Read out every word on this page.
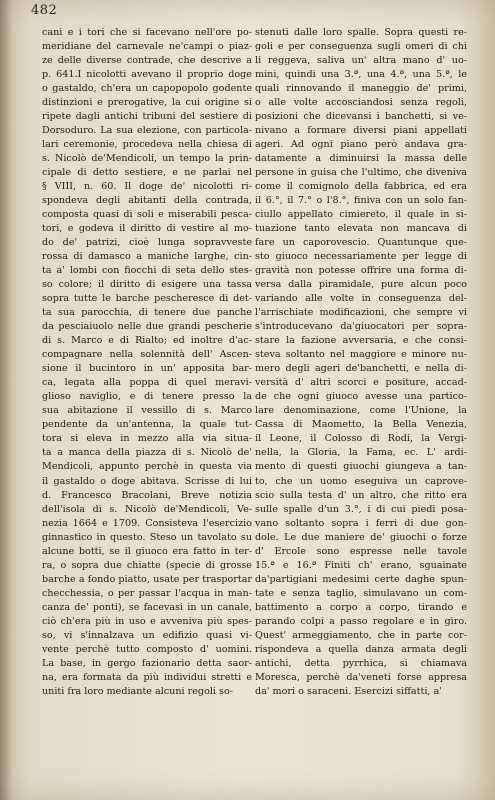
482
cani e i tori che si facevano nell'ore po-
meridiane del carnevale ne'campi o piaz-
ze delle diverse contrade, che descrive a
p. 641.I nicolotti avevano il proprio doge
o gastaldo, ch'era un capopopolo godente
distinzioni e prerogative, la cui origine si
ripete dagli antichi tribuni del sestiere di
Dorsoduro. La sua elezione, con particola-
lari ceremonie, procedeva nella chiesa di
s. Nicolò de'Mendicoli, un tempo la prin-
cipale di detto sestiere, e ne parlai nel
§ VIII, n. 60. Il doge de' nicolotti ri-
spondeva degli abitanti della contrada,
composta quasi di soli e miserabili pesca-
tori, e godeva il diritto di vestire al mo-
do de' patrizi, cioè lunga sopravveste
rossa di damasco a maniche larghe, cin-
ta a' lombi con fiocchi di seta dello stes-
so colore; il diritto di esigere una tassa
sopra tutte le barche pescheresce di det-
ta sua parocchia, di tenere due panche
da pesciaiuolo nelle due grandi pescherie
di s. Marco e di Rialto; ed inoltre d'ac-
compagnare nella solennità dell' Ascen-
sione il bucintoro in un' apposita bar-
ca, legata alla poppa di quel meravi-
glioso naviglio, e di tenere presso la
sua abitazione il vessillo di s. Marco
pendente da un'antenna, la quale tut-
tora si eleva in mezzo alla via situa-
ta a manca della piazza di s. Nicolò de'
Mendicoli, appunto perchè in questa via
il gastaldo o doge abitava. Scrisse di lui
d. Francesco Bracolani, Breve notizia
dell'isola di s. Nicolò de'Mendicoli, Ve-
nezia 1664 e 1709. Consisteva l'esercizio
ginnastico in questo. Steso un tavolato su
alcune botti, se il giuoco era fatto in ter-
ra, o sopra due chiatte (specie di grosse
barche a fondo piatto, usate per trasportar
checchessia, o per passar l'acqua in man-
canza de' ponti), se facevasi in un canale,
ciò ch'era più in uso e avveniva più spes-
so, vi s'innalzava un edifizio quasi vi-
vente perchè tutto composto d' uomini.
La base, in gergo fazionario detta saor-
na, era formata da più individui stretti e
uniti fra loro mediante alcuni regoli so-
stenuti dalle loro spalle. Sopra questi re-
goli e per conseguenza sugli omeri di chi
li reggeva, saliva un' altra mano d' uo-
mini, quindi una 3.ª, una 4.ª, una 5.ª, le
quali rinnovando il maneggio de' primi,
o alle volte accosciandosi senza regoli,
posizioni che dicevansi i banchetti, si ve-
nivano a formare diversi piani appellati
ageri. Ad ogni piano però andava gra-
datamente a diminuirsi la massa delle
persone in guisa che l'ultimo, che diveniva
come il comignolo della fabbrica, ed era
il 6.°, il 7.° o l'8.°, finiva con un solo fan-
ciullo appellato cimiereto, il quale in si-
tuazione tanto elevata non mancava di
fare un caporovescio. Quantunque que-
sto giuoco necessariamente per legge di
gravità non potesse offrire una forma di-
versa dalla piramidale, pure alcun poco
variando alle volte in conseguenza del-
l'arrischiate modificazioni, che sempre vi
s'introducevano da'giuocatori per sopra-
stare la fazione avversaria, e che consi-
steva soltanto nel maggiore e minore nu-
mero degli ageri de'banchetti, e nella di-
versità d' altri scorci e positure, accad-
de che ogni giuoco avesse una partico-
lare denominazione, come l'Unione, la
Cassa di Maometto, la Bella Venezia,
il Leone, il Colosso di Rodi, la Vergi-
nella, la Gloria, la Fama, ec. L' ardi-
mento di questi giuochi giungeva a tan-
to, che un uomo eseguiva un caprove-
scio sulla testa d' un altro, che ritto era
sulle spalle d'un 3.°, i di cui piedi posa-
vano soltanto sopra i ferri di due gon-
dole. Le due maniere de' giuochi o forze
d' Ercole sono espresse nelle tavole
15.ª e 16.ª Finiti ch' erano, sguainate
da'partigiani medesimi certe daghe spun-
tate e senza taglio, simulavano un com-
battimento a corpo a corpo, tirando e
parando colpi a passo regolare e in giro.
Quest' armeggiamento, che in parte cor-
rispondeva a quella danza armata degli
antichi, detta pyrrhica, si chiamava
Moresca, perchè da'veneti forse appresa
da' mori o saraceni. Esercizi siffatti, a'
